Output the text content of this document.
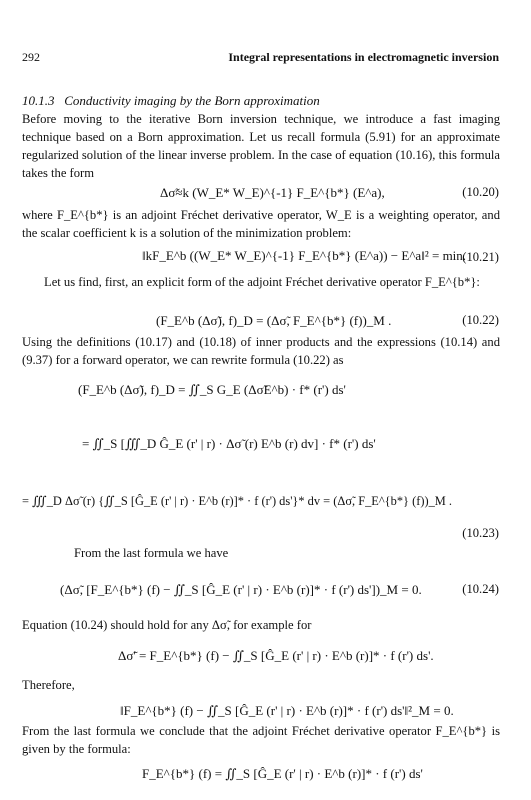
292	Integral representations in electromagnetic inversion
10.1.3 Conductivity imaging by the Born approximation
Before moving to the iterative Born inversion technique, we introduce a fast imaging technique based on a Born approximation. Let us recall formula (5.91) for an approximate regularized solution of the linear inverse problem. In the case of equation (10.16), this formula takes the form
Δσ̃≈k (W_E* W_E)^{-1} F_E^{b*} (E^a),	(10.20)
where F_E^{b*} is an adjoint Fréchet derivative operator, W_E is a weighting operator, and the scalar coefficient k is a solution of the minimization problem:
‖kF_E^b ((W_E* W_E)^{-1} F_E^{b*} (E^a)) − E^a‖² = min.
(10.21)
Let us find, first, an explicit form of the adjoint Fréchet derivative operator F_E^{b*}:
(F_E^b (Δσ̃), f)_D = (Δσ̃, F_E^{b*} (f))_M .	(10.22)
Using the definitions (10.17) and (10.18) of inner products and the expressions (10.14) and (9.37) for a forward operator, we can rewrite formula (10.22) as
(F_E^b (Δσ̃), f)_D = ∬_S G_E (Δσ̃E^b) · f* (r') ds'
= ∬_S [∭_D Ĝ_E (r' | r) · Δσ̃ (r) E^b (r) dv] · f* (r') ds'
= ∭_D Δσ̃ (r) {∬_S [Ĝ_E (r' | r) · E^b (r)]* · f (r') ds'}* dv = (Δσ̃, F_E^{b*} (f))_M .
(10.23)
From the last formula we have
(Δσ̃, [F_E^{b*} (f) − ∬_S [Ĝ_E (r' | r) · E^b (r)]* · f (r') ds'])_M = 0.	(10.24)
Equation (10.24) should hold for any Δσ̃, for example for
Δσ̃' = F_E^{b*} (f) − ∬_S [Ĝ_E (r' | r) · E^b (r)]* · f (r') ds'.
Therefore,
‖F_E^{b*} (f) − ∬_S [Ĝ_E (r' | r) · E^b (r)]* · f (r') ds'‖²_M = 0.
From the last formula we conclude that the adjoint Fréchet derivative operator F_E^{b*} is given by the formula:
F_E^{b*} (f) = ∬_S [Ĝ_E (r' | r) · E^b (r)]* · f (r') ds'
